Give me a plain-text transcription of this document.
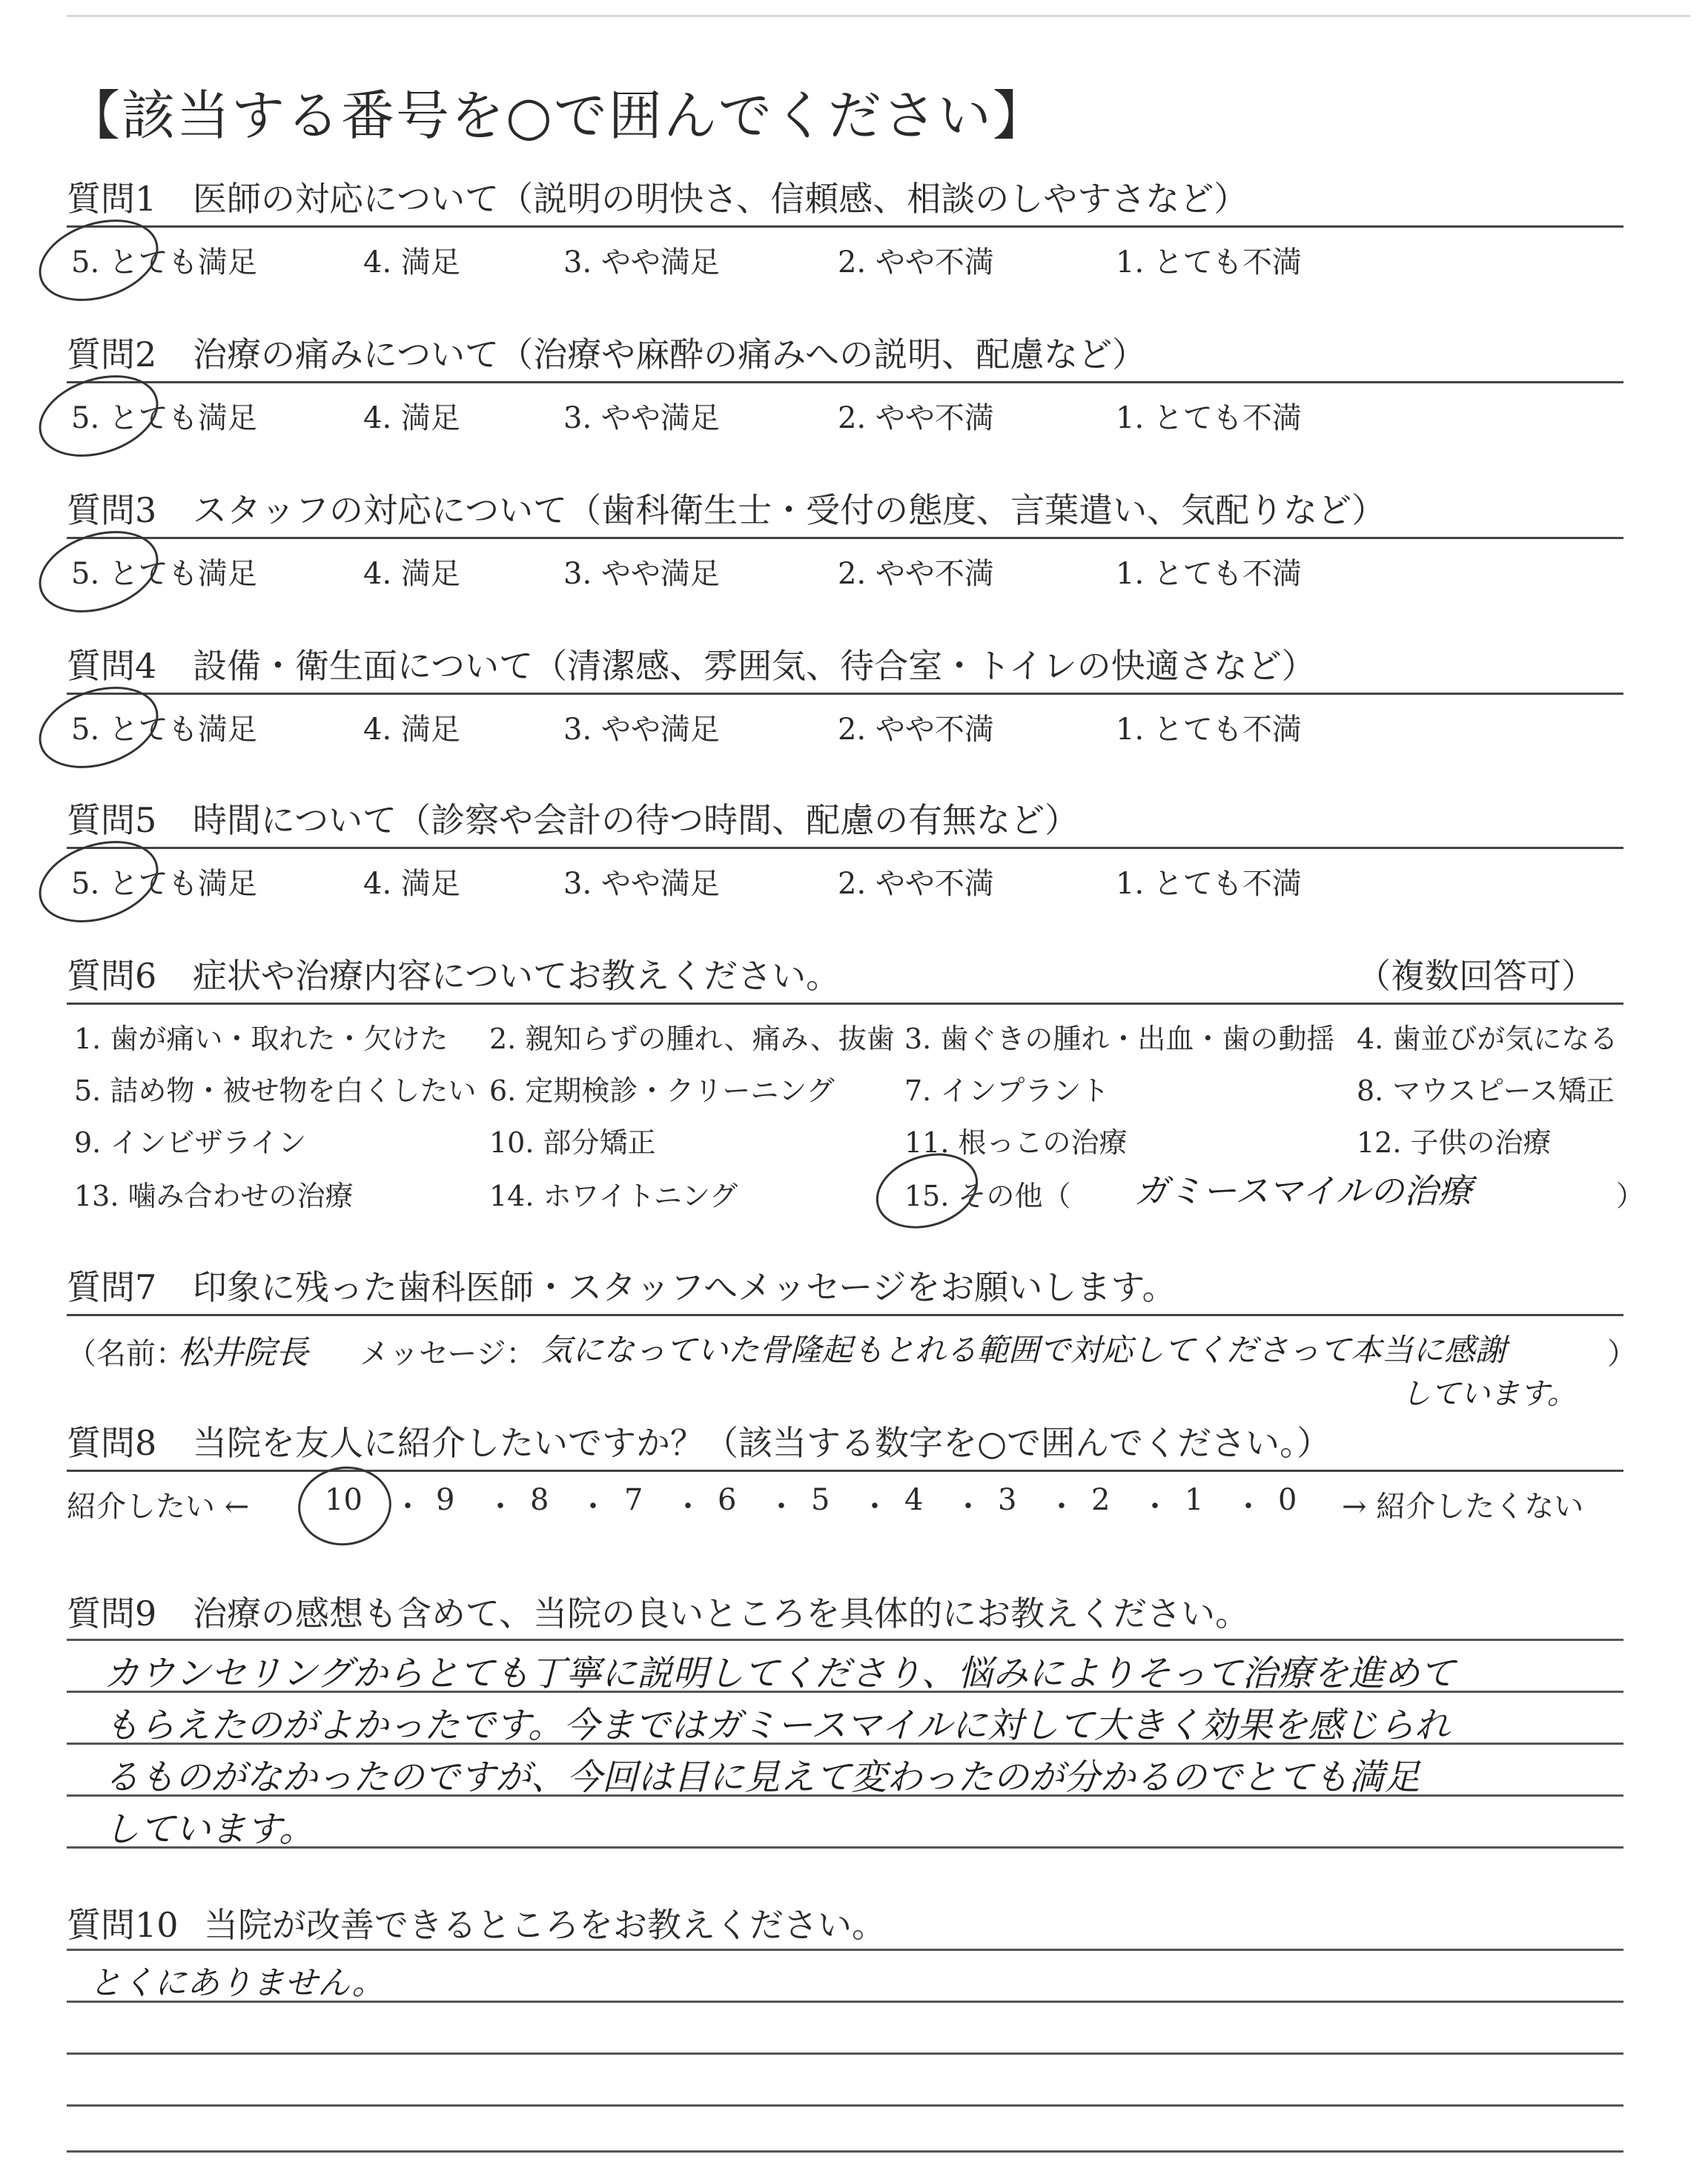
【該当する番号を○で囲んでください】
質問1 医師の対応について（説明の明快さ、信頼感、相談のしやすさなど）
5. とても満足	4. 満足	3. やや満足	2. やや不満	1. とても不満
質問2 治療の痛みについて（治療や麻酔の痛みへの説明、配慮など）
5. とても満足	4. 満足	3. やや満足	2. やや不満	1. とても不満
質問3 スタッフの対応について（歯科衛生士・受付の態度、言葉遣い、気配りなど）
5. とても満足	4. 満足	3. やや満足	2. やや不満	1. とても不満
質問4 設備・衛生面について（清潔感、雰囲気、待合室・トイレの快適さなど）
5. とても満足	4. 満足	3. やや満足	2. やや不満	1. とても不満
質問5 時間について（診察や会計の待つ時間、配慮の有無など）
5. とても満足	4. 満足	3. やや満足	2. やや不満	1. とても不満
質問6 症状や治療内容についてお教えください。	（複数回答可）
1. 歯が痛い・取れた・欠けた 2. 親知らずの腫れ、痛み、抜歯 3. 歯ぐきの腫れ・出血・歯の動揺 4. 歯並びが気になる
5. 詰め物・被せ物を白くしたい 6. 定期検診・クリーニング 7. インプラント	8. マウスピース矯正
9. インビザライン	10. 部分矯正	11. 根っこの治療	12. 子供の治療
13. 噛み合わせの治療	14. ホワイトニング	15. その他（ ガミースマイルの治療	）
質問7 印象に残った歯科医師・スタッフへメッセージをお願いします。
（名前：
松井院長 メッセージ： 気になっていた骨隆起もとれる範囲で対応してくださって本当に感謝	）
しています。
質問8 当院を友人に紹介したいですか？（該当する数字を○で囲んでください。）
紹介したい ←	10 ・ 9 ・ 8 ・ 7 ・ 6 ・ 5 ・ 4 ・ 3 ・ 2 ・ 1 ・ 0 → 紹介したくない
質問9 治療の感想も含めて、当院の良いところを具体的にお教えください。
カウンセリングからとても丁寧に説明してくださり、悩みによりそって治療を進めて
もらえたのがよかったです。今まではガミースマイルに対して大きく効果を感じられ
るものがなかったのですが、今回は目に見えて変わったのが分かるのでとても満足
しています。
質問10 当院が改善できるところをお教えください。
とくにありません。
